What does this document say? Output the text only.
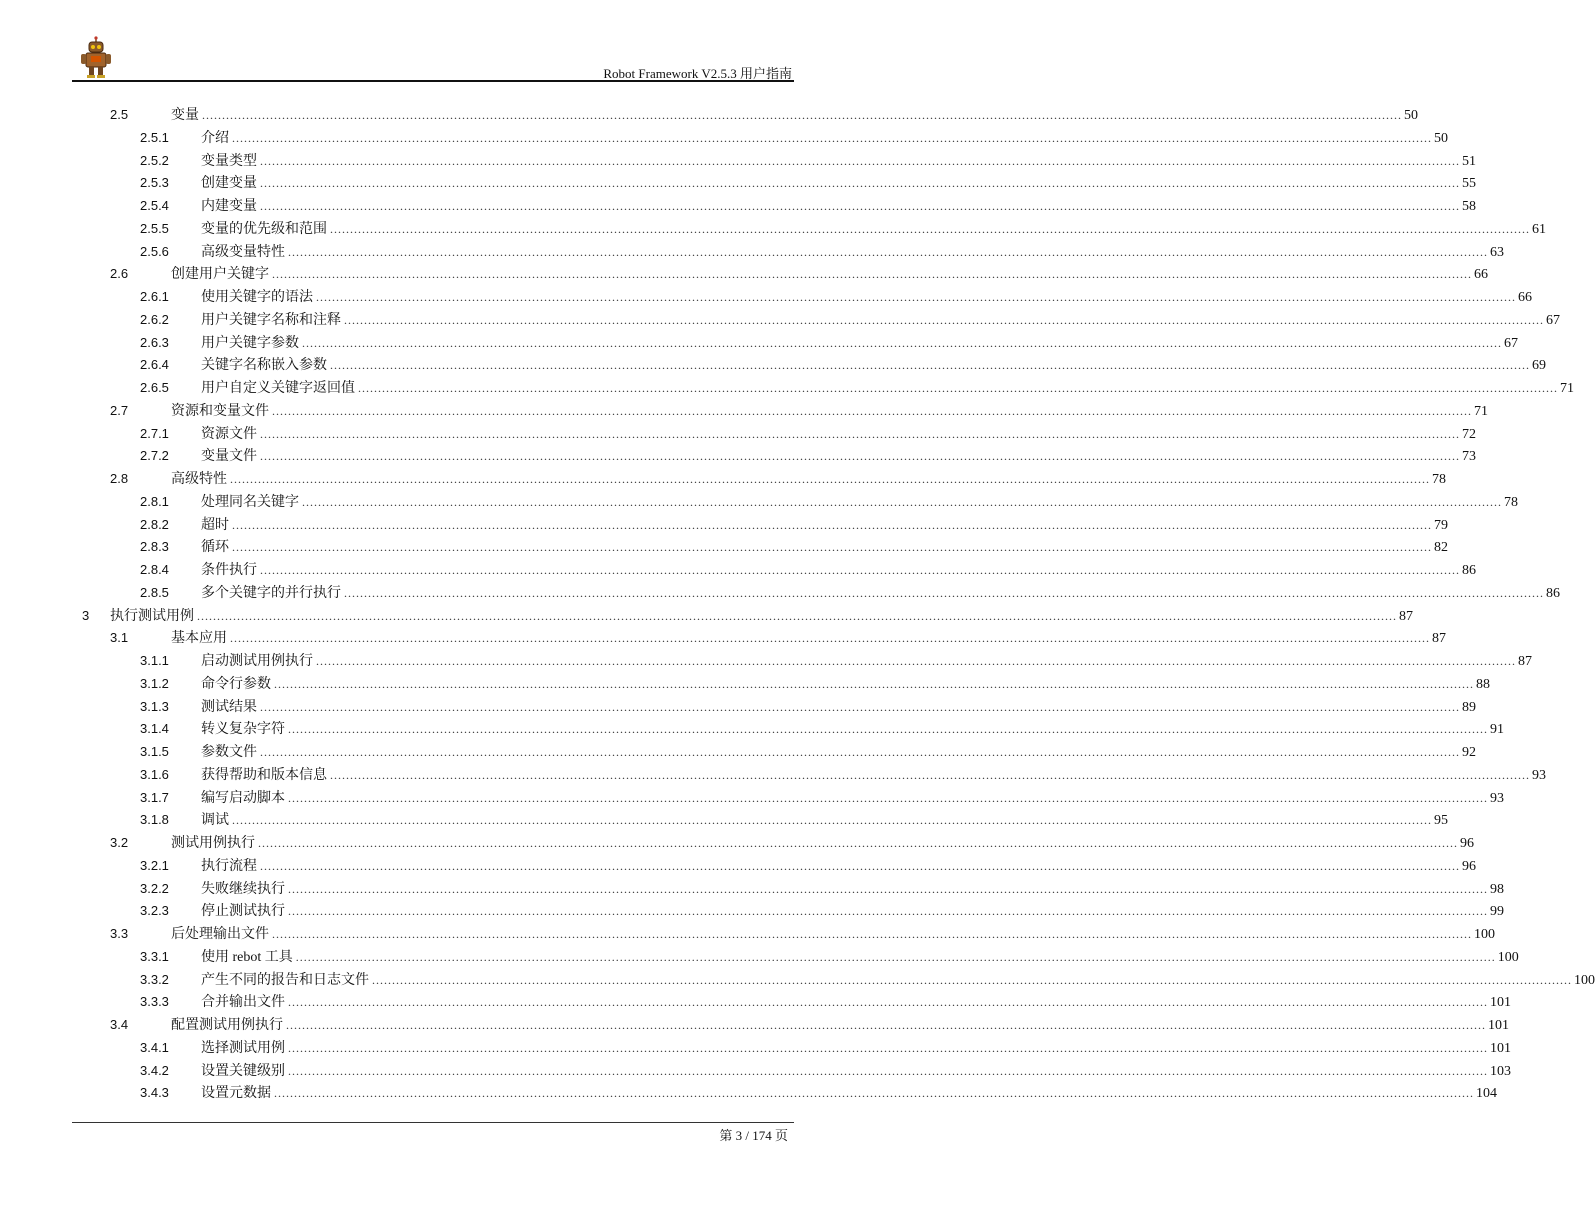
Robot Framework V2.5.3 用户指南
2.5	变量 ............................................................................................................................................................................................................................................................................................................ 50
2.5.1 介绍 ............................................................................................................................................................................................................................................................................................................ 50
2.5.2 变量类型 ............................................................................................................................................................................................................................................................................................................ 51
2.5.3 创建变量 ............................................................................................................................................................................................................................................................................................................ 55
2.5.4 内建变量 ............................................................................................................................................................................................................................................................................................................ 58
2.5.5 变量的优先级和范围 ............................................................................................................................................................................................................................................................................................................ 61
2.5.6 高级变量特性 ............................................................................................................................................................................................................................................................................................................ 63
2.6	创建用户关键字 ............................................................................................................................................................................................................................................................................................................ 66
2.6.1 使用关键字的语法 ............................................................................................................................................................................................................................................................................................................ 66
2.6.2 用户关键字名称和注释 ............................................................................................................................................................................................................................................................................................................ 67
2.6.3 用户关键字参数 ............................................................................................................................................................................................................................................................................................................ 67
2.6.4 关键字名称嵌入参数 ............................................................................................................................................................................................................................................................................................................ 69
2.6.5 用户自定义关键字返回值 ............................................................................................................................................................................................................................................................................................................ 71
2.7	资源和变量文件 ............................................................................................................................................................................................................................................................................................................ 71
2.7.1 资源文件 ............................................................................................................................................................................................................................................................................................................ 72
2.7.2 变量文件 ............................................................................................................................................................................................................................................................................................................ 73
2.8	高级特性 ............................................................................................................................................................................................................................................................................................................ 78
2.8.1 处理同名关键字 ............................................................................................................................................................................................................................................................................................................ 78
2.8.2 超时 ............................................................................................................................................................................................................................................................................................................ 79
2.8.3 循环 ............................................................................................................................................................................................................................................................................................................ 82
2.8.4 条件执行 ............................................................................................................................................................................................................................................................................................................ 86
2.8.5 多个关键字的并行执行 ............................................................................................................................................................................................................................................................................................................ 86
3 执行测试用例 ............................................................................................................................................................................................................................................................................................................ 87
3.1	基本应用 ............................................................................................................................................................................................................................................................................................................ 87
3.1.1 启动测试用例执行 ............................................................................................................................................................................................................................................................................................................ 87
3.1.2 命令行参数 ............................................................................................................................................................................................................................................................................................................ 88
3.1.3 测试结果 ............................................................................................................................................................................................................................................................................................................ 89
3.1.4 转义复杂字符 ............................................................................................................................................................................................................................................................................................................ 91
3.1.5 参数文件 ............................................................................................................................................................................................................................................................................................................ 92
3.1.6 获得帮助和版本信息 ............................................................................................................................................................................................................................................................................................................ 93
3.1.7 编写启动脚本 ............................................................................................................................................................................................................................................................................................................ 93
3.1.8 调试 ............................................................................................................................................................................................................................................................................................................ 95
3.2	测试用例执行 ............................................................................................................................................................................................................................................................................................................ 96
3.2.1 执行流程 ............................................................................................................................................................................................................................................................................................................ 96
3.2.2 失败继续执行 ............................................................................................................................................................................................................................................................................................................ 98
3.2.3 停止测试执行 ............................................................................................................................................................................................................................................................................................................ 99
3.3	后处理输出文件 ............................................................................................................................................................................................................................................................................................................ 100
3.3.1 使用 rebot 工具 ............................................................................................................................................................................................................................................................................................................ 100
3.3.2 产生不同的报告和日志文件 ............................................................................................................................................................................................................................................................................................................ 100
3.3.3 合并输出文件 ............................................................................................................................................................................................................................................................................................................ 101
3.4	配置测试用例执行 ............................................................................................................................................................................................................................................................................................................ 101
3.4.1 选择测试用例 ............................................................................................................................................................................................................................................................................................................ 101
3.4.2 设置关键级别 ............................................................................................................................................................................................................................................................................................................ 103
3.4.3 设置元数据 ............................................................................................................................................................................................................................................................................................................ 104
第 3 / 174 页
